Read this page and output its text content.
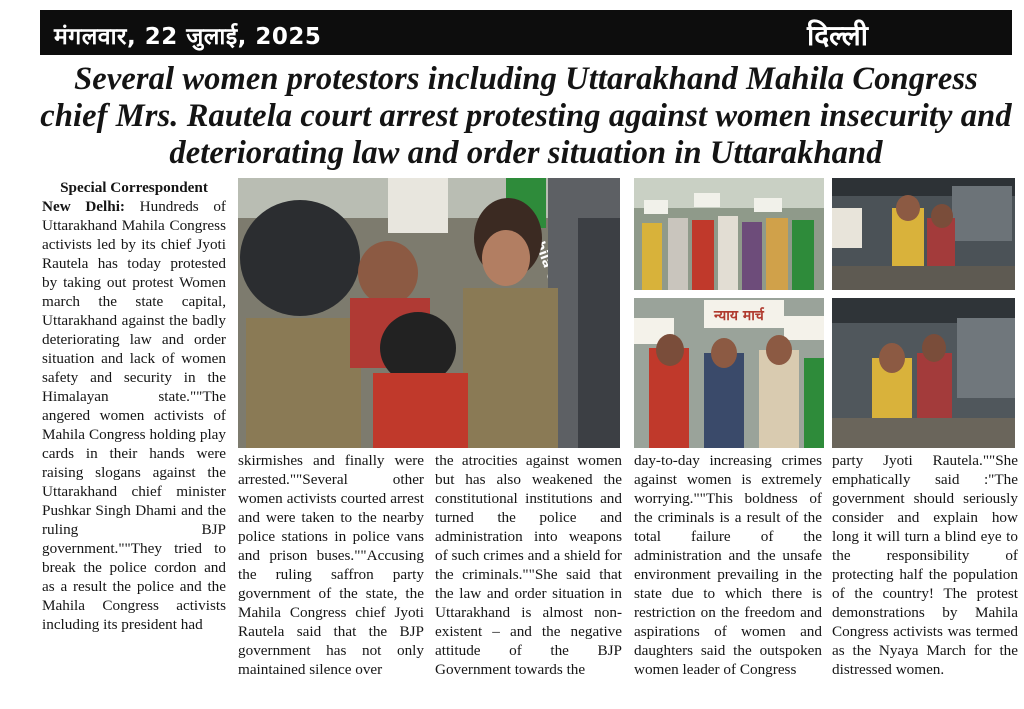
मंगलवार, 22 जुलाई, 2025	दिल्ली
Several women protestors including Uttarakhand Mahila Congress chief Mrs. Rautela court arrest protesting against women insecurity and deteriorating law and order situation in Uttarakhand

Special Correspondent

New Delhi: Hundreds of Uttarakhand Mahila Congress activists led by its chief Jyoti Rautela has today protested by taking out protest Women march the state capital, Uttarakhand against the badly deteriorating law and order situation and lack of women safety and security in the Himalayan state.""The angered women activists of Mahila Congress holding play cards in their hands were raising slogans against the Uttarakhand chief minister Pushkar Singh Dhami and the ruling BJP government.""They tried to break the police cordon and as a result the police and the Mahila Congress activists including its president had

न्याय मार्च
skirmishes and finally were arrested.""Several other women activists courted arrest and were taken to the nearby police stations in police vans and prison buses.""Accusing the ruling saffron party government of the state, the Mahila Congress chief Jyoti Rautela said that the BJP government has not only maintained silence over
the atrocities against women but has also weakened the constitutional institutions and turned the police and administration into weapons of such crimes and a shield for the criminals.""She said that the law and order situation in Uttarakhand is almost non-existent – and the negative attitude of the BJP Government towards the
day-to-day increasing crimes against women is extremely worrying.""This boldness of the criminals is a result of the total failure of the administration and the unsafe environment prevailing in the state due to which there is restriction on the freedom and aspirations of women and daughters said the outspoken women leader of Congress
party Jyoti Rautela.""She emphatically said :"The government should seriously consider and explain how long it will turn a blind eye to the responsibility of protecting half the population of the country! The protest demonstrations by Mahila Congress activists was termed as the Nyaya March for the distressed women.
